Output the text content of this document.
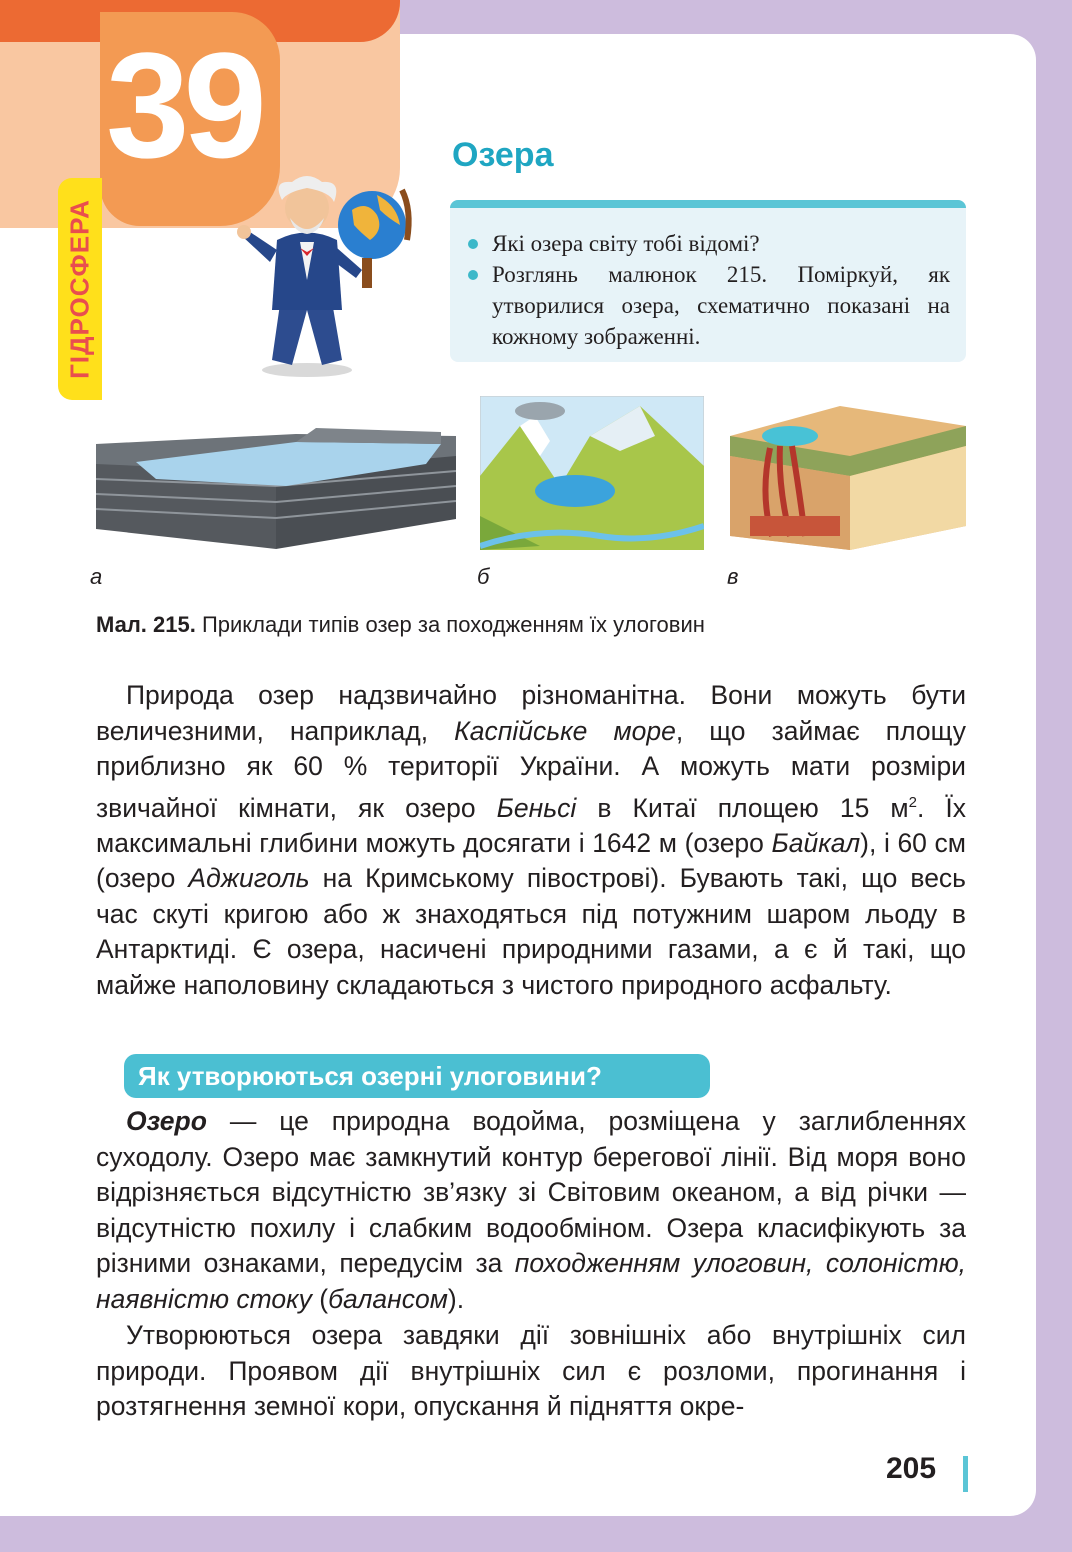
39
ГІДРОСФЕРА
Озера
Які озера світу тобі відомі?
Розглянь малюнок 215. Поміркуй, як утворилися озера, схематично показані на кожному зображенні.
а	б	в
Мал. 215. Приклади типів озер за походженням їх улоговин

Природа озер надзвичайно різноманітна. Вони можуть бути величезними, наприклад, Каспійське море, що займає площу приблизно як 60 % території України. А можуть мати розміри звичайної кімнати, як озеро Беньсі в Китаї площею 15 $м^2$. Їх максимальні глибини можуть досягати і 1642 м (озеро Байкал), і 60 см (озеро Аджиголь на Кримському півострові). Бувають такі, що весь час скуті кригою або ж знаходяться під потужним шаром льоду в Антарктиді. Є озера, насичені природними газами, а є й такі, що майже наполовину складаються з чистого природного асфальту.

Як утворюються озерні улоговини?

Озеро — це природна водойма, розміщена у заглибленнях суходолу. Озеро має замкнутий контур берегової лінії. Від моря воно відрізняється відсутністю зв’язку зі Світовим океаном, а від річки — відсутністю похилу і слабким водообміном. Озера класифікують за різними ознаками, передусім за походженням улоговин, солоністю, наявністю стоку (балансом).

Утворюються озера завдяки дії зовнішніх або внутрішніх сил природи. Проявом дії внутрішніх сил є розломи, прогинання і розтягнення земної кори, опускання й підняття окре-

205
